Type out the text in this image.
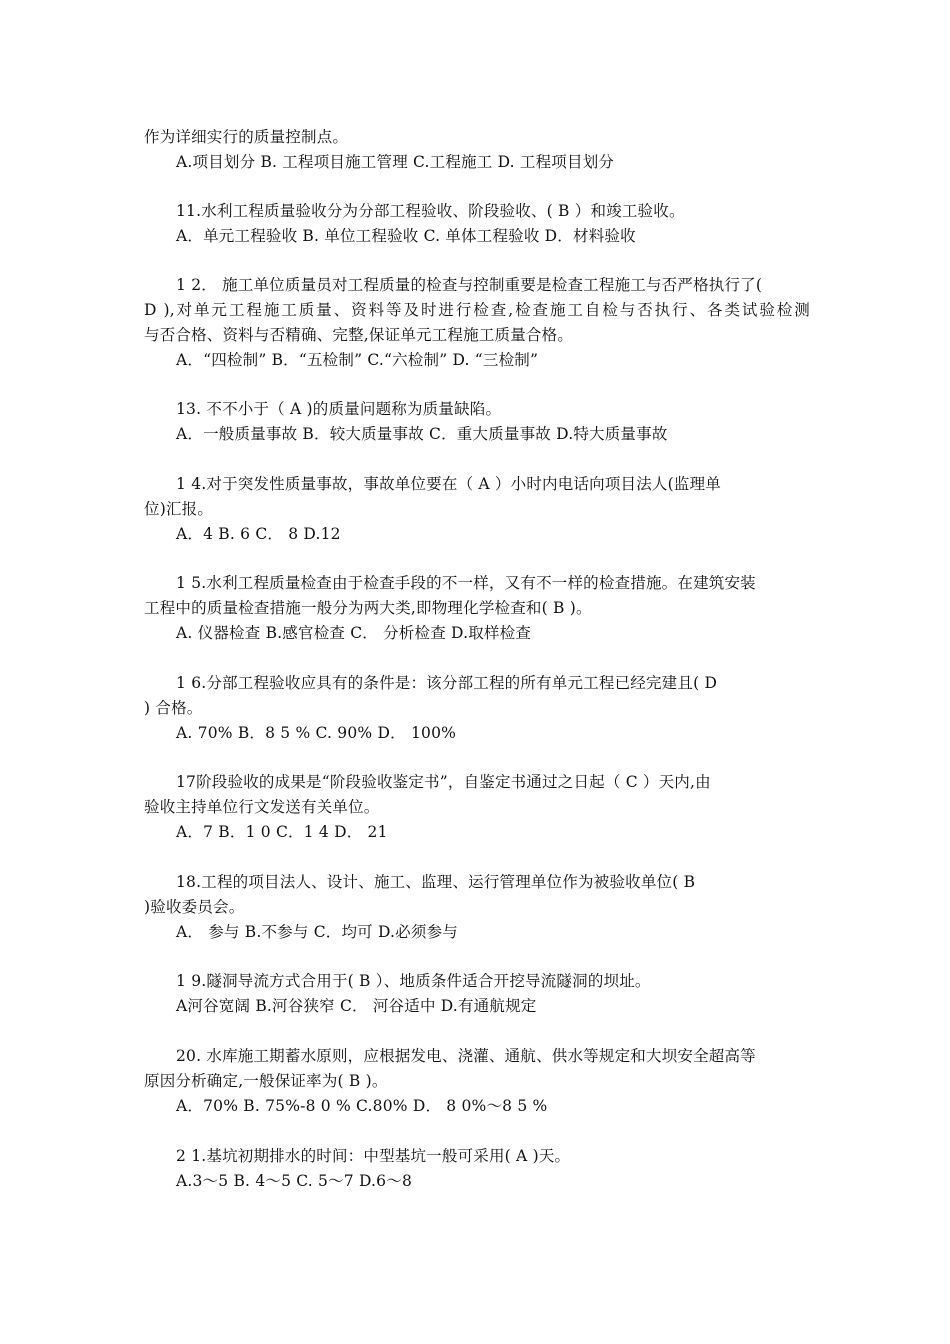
作为详细实行的质量控制点。
A.项目划分 B. 工程项目施工管理 C.工程施工 D. 工程项目划分
11.水利工程质量验收分为分部工程验收、阶段验收、( B ）和竣工验收。
A．单元工程验收 B. 单位工程验收 C. 单体工程验收 D．材料验收
1 2． 施工单位质量员对工程质量的检查与控制重要是检查工程施工与否严格执行了(
D ),对单元工程施工质量、资料等及时进行检查,检查施工自检与否执行、各类试验检测
与否合格、资料与否精确、完整,保证单元工程施工质量合格。
A．“四检制” B．“五检制” C.“六检制” D. “三检制”
13. 不不小于（ A )的质量问题称为质量缺陷。
A．一般质量事故 B．较大质量事故 C．重大质量事故 D.特大质量事故
1 4.对于突发性质量事故，事故单位要在（ A ）小时内电话向项目法人(监理单
位)汇报。
A．4 B. 6 C． 8 D.12
1 5.水利工程质量检查由于检查手段的不一样，又有不一样的检查措施。在建筑安装
工程中的质量检查措施一般分为两大类,即物理化学检查和( B )。
A. 仪器检查 B.感官检查 C． 分析检查 D.取样检查
1 6.分部工程验收应具有的条件是：该分部工程的所有单元工程已经完建且( D
) 合格。
A. 70% B．8 5 % C. 90% D． 100%
17阶段验收的成果是“阶段验收鉴定书”，自鉴定书通过之日起（ C ）天内,由
验收主持单位行文发送有关单位。
A．7 B．1 0 C．1 4 D． 21
18.工程的项目法人、设计、施工、监理、运行管理单位作为被验收单位( B
)验收委员会。
A． 参与 B.不参与 C．均可 D.必须参与
1 9.隧洞导流方式合用于( B ）、地质条件适合开挖导流隧洞的坝址。
A河谷宽阔 B.河谷狭窄 C． 河谷适中 D.有通航规定
20. 水库施工期蓄水原则，应根据发电、浇灌、通航、供水等规定和大坝安全超高等
原因分析确定,一般保证率为( B )。
A．70% B. 75%-8 0 % C.80% D． 8 0%～8 5 %
2 1.基坑初期排水的时间：中型基坑一般可采用( A )天。
A.3～5 B. 4～5 C. 5～7 D.6～8
